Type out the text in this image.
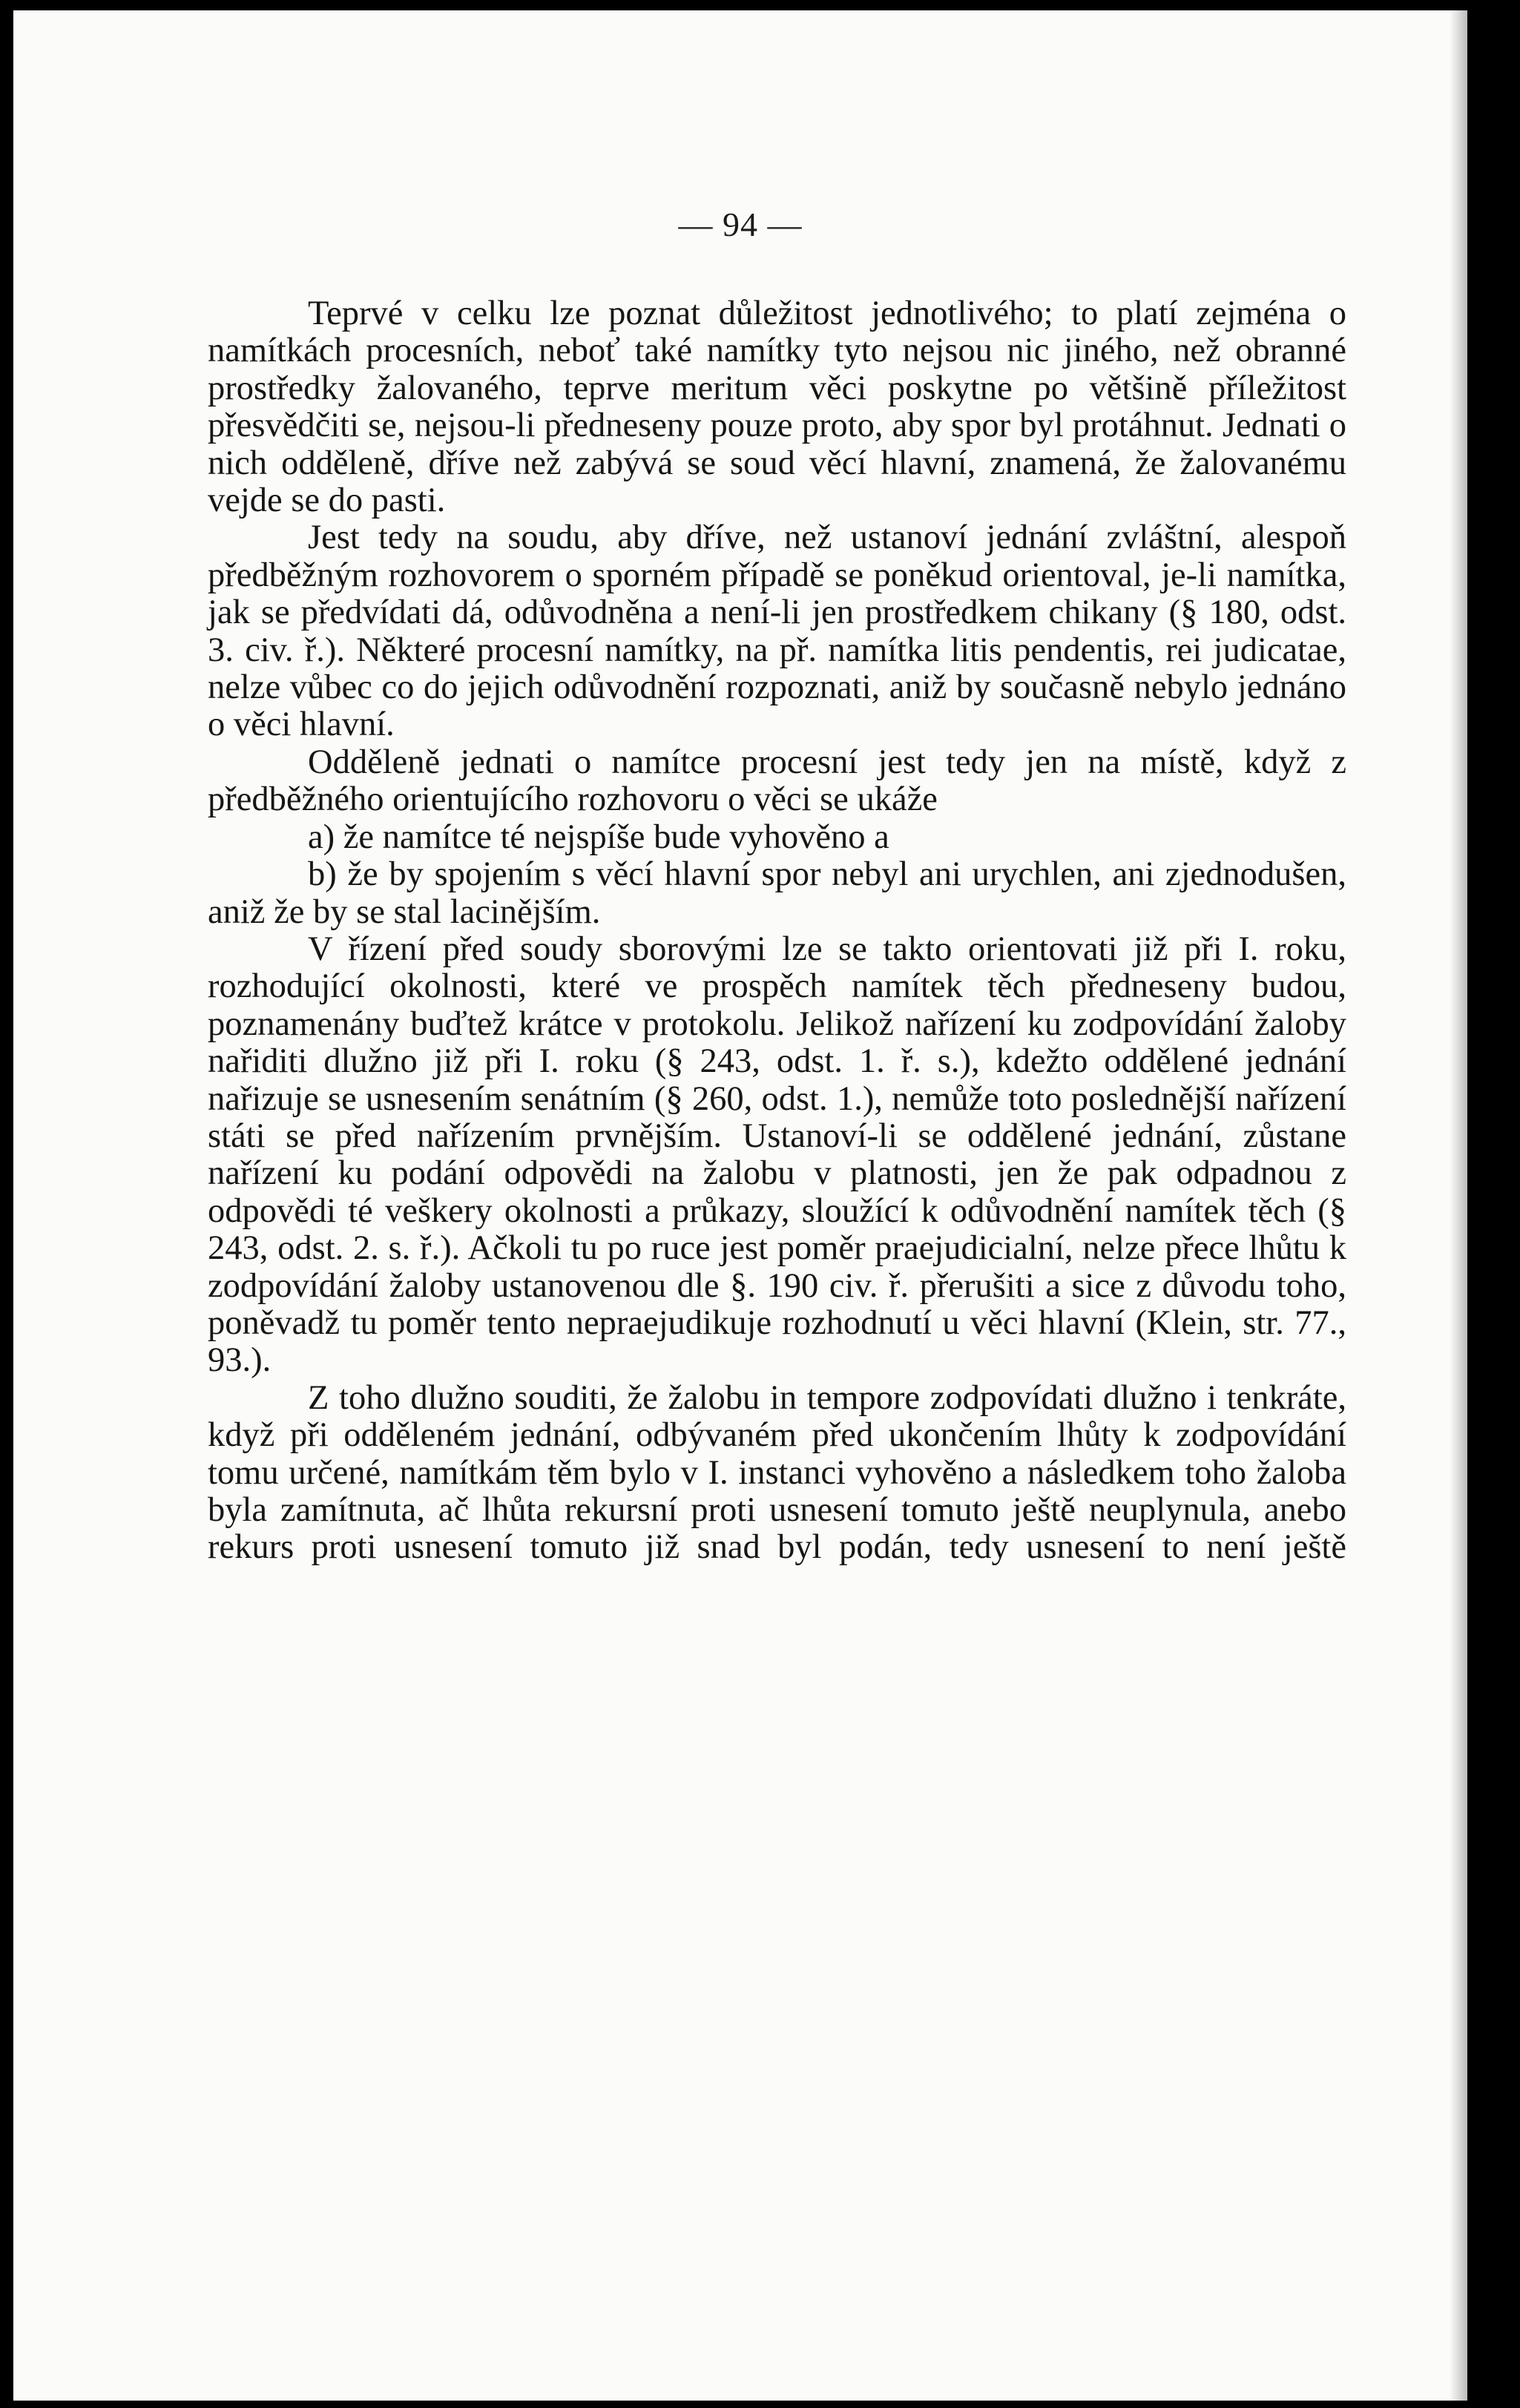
— 94 —

Teprvé v celku lze poznat důležitost jednotlivého; to platí zejména o namítkách procesních, neboť také namítky tyto nejsou nic jiného, než obranné prostředky žalovaného, teprve meritum věci poskytne po většině příležitost přesvědčiti se, nejsou-li předneseny pouze proto, aby spor byl protáhnut. Jednati o nich odděleně, dříve než zabývá se soud věcí hlavní, znamená, že žalovanému vejde se do pasti.

Jest tedy na soudu, aby dříve, než ustanoví jednání zvláštní, alespoň předběžným rozhovorem o sporném případě se poněkud orientoval, je-li namítka, jak se předvídati dá, odůvodněna a není-li jen prostředkem chikany (§ 180, odst. 3. civ. ř.). Některé procesní namítky, na př. namítka litis pendentis, rei judicatae, nelze vůbec co do jejich odůvodnění rozpoznati, aniž by současně nebylo jednáno o věci hlavní.

Odděleně jednati o namítce procesní jest tedy jen na místě, když z předběžného orientujícího rozhovoru o věci se ukáže

a) že namítce té nejspíše bude vyhověno a

b) že by spojením s věcí hlavní spor nebyl ani urychlen, ani zjednodušen, aniž že by se stal lacinějším.

V řízení před soudy sborovými lze se takto orientovati již při I. roku, rozhodující okolnosti, které ve prospěch namítek těch předneseny budou, poznamenány buďtež krátce v protokolu. Jelikož nařízení ku zodpovídání žaloby nařiditi dlužno již při I. roku (§ 243, odst. 1. ř. s.), kdežto oddělené jednání nařizuje se usnesením senátním (§ 260, odst. 1.), nemůže toto poslednější nařízení státi se před nařízením prvnějším. Ustanoví-li se oddělené jednání, zůstane nařízení ku podání odpovědi na žalobu v platnosti, jen že pak odpadnou z odpovědi té veškery okolnosti a průkazy, sloužící k odůvodnění namítek těch (§ 243, odst. 2. s. ř.). Ačkoli tu po ruce jest poměr praejudicialní, nelze přece lhůtu k zodpovídání žaloby ustanovenou dle §. 190 civ. ř. přerušiti a sice z důvodu toho, poněvadž tu poměr tento nepraejudikuje rozhodnutí u věci hlavní (Klein, str. 77., 93.).

Z toho dlužno souditi, že žalobu in tempore zodpovídati dlužno i tenkráte, když při odděleném jednání, odbývaném před ukončením lhůty k zodpovídání tomu určené, namítkám těm bylo v I. instanci vyhověno a následkem toho žaloba byla zamítnuta, ač lhůta rekursní proti usnesení tomuto ještě neuplynula, anebo rekurs proti usnesení tomuto již snad byl podán, tedy usnesení to není ještě
